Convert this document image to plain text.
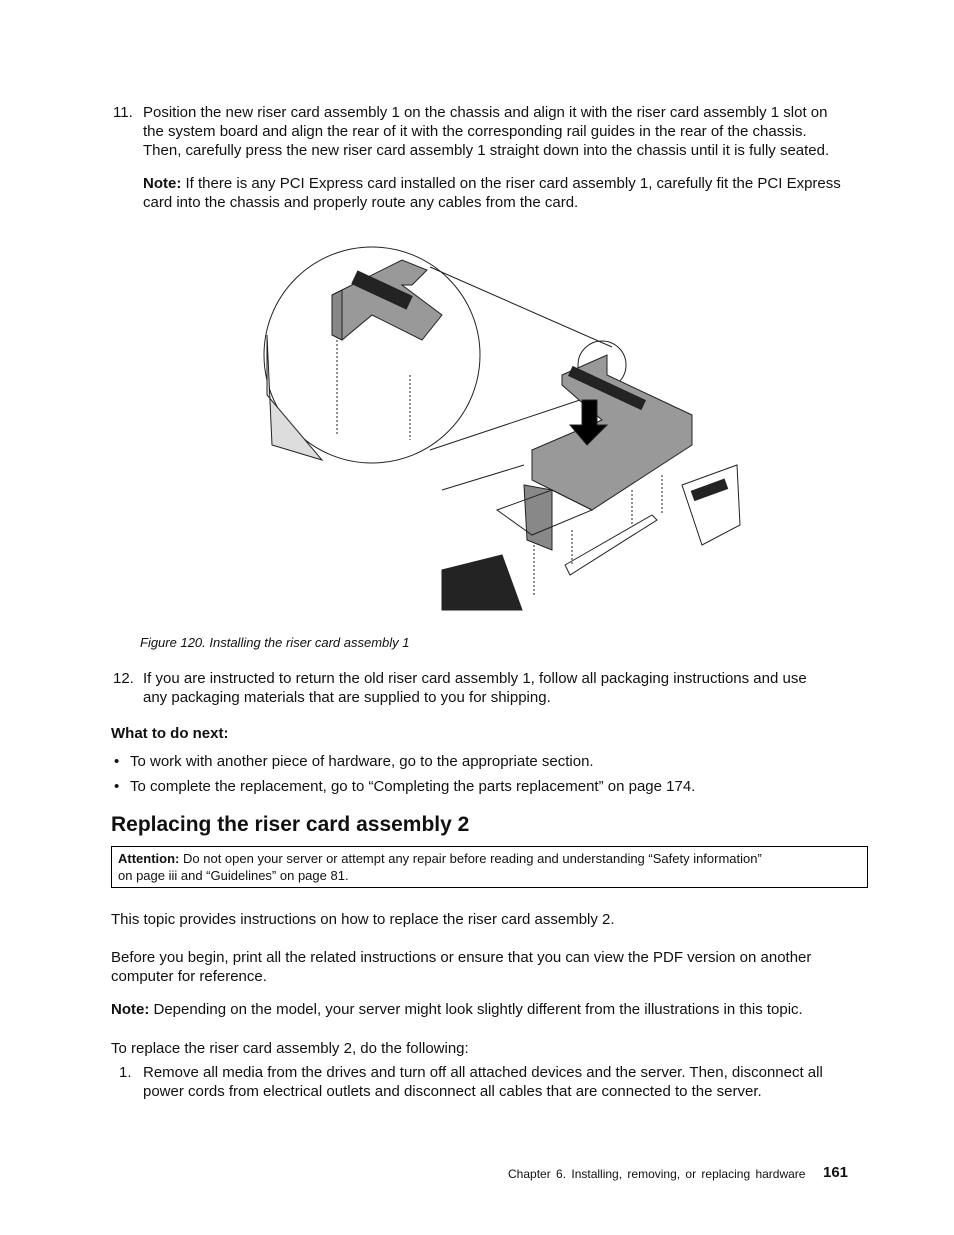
11. Position the new riser card assembly 1 on the chassis and align it with the riser card assembly 1 slot on
the system board and align the rear of it with the corresponding rail guides in the rear of the chassis.
Then, carefully press the new riser card assembly 1 straight down into the chassis until it is fully seated.
Note: If there is any PCI Express card installed on the riser card assembly 1, carefully fit the PCI Express
card into the chassis and properly route any cables from the card.
Figure 120. Installing the riser card assembly 1
12. If you are instructed to return the old riser card assembly 1, follow all packaging instructions and use
any packaging materials that are supplied to you for shipping.
What to do next:
• To work with another piece of hardware, go to the appropriate section.
• To complete the replacement, go to “Completing the parts replacement” on page 174.
Replacing the riser card assembly 2
Attention: Do not open your server or attempt any repair before reading and understanding “Safety information”
on page iii and “Guidelines” on page 81.
This topic provides instructions on how to replace the riser card assembly 2.
Before you begin, print all the related instructions or ensure that you can view the PDF version on another
computer for reference.
Note: Depending on the model, your server might look slightly different from the illustrations in this topic.
To replace the riser card assembly 2, do the following:
1. Remove all media from the drives and turn off all attached devices and the server. Then, disconnect all
power cords from electrical outlets and disconnect all cables that are connected to the server.
Chapter 6. Installing, removing, or replacing hardware 161
